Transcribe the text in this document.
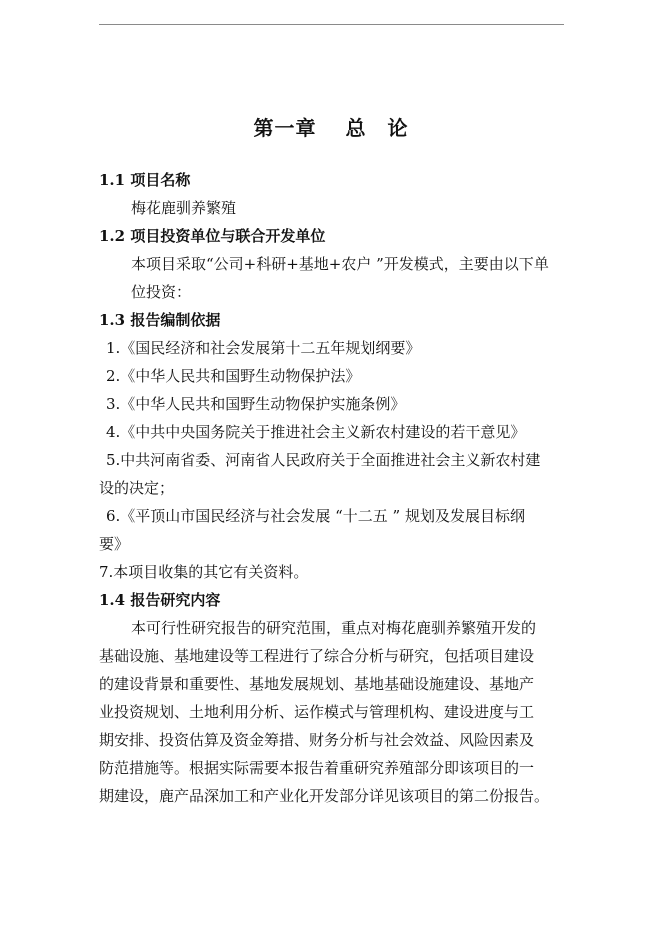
第一章　 总　论
1.1 项目名称
梅花鹿驯养繁殖
1.2 项目投资单位与联合开发单位
本项目采取“公司+科研+基地+农户 ”开发模式，主要由以下单
位投资：
1.3 报告编制依据
1.《国民经济和社会发展第十二五年规划纲要》
2.《中华人民共和国野生动物保护法》
3.《中华人民共和国野生动物保护实施条例》
4.《中共中央国务院关于推进社会主义新农村建设的若干意见》
5.中共河南省委、河南省人民政府关于全面推进社会主义新农村建
设的决定；
6.《平顶山市国民经济与社会发展 “十二五 ” 规划及发展目标纲
要》
7.本项目收集的其它有关资料。
1.4 报告研究内容
本可行性研究报告的研究范围，重点对梅花鹿驯养繁殖开发的
基础设施、基地建设等工程进行了综合分析与研究，包括项目建设
的建设背景和重要性、基地发展规划、基地基础设施建设、基地产
业投资规划、土地利用分析、运作模式与管理机构、建设进度与工
期安排、投资估算及资金筹措、财务分析与社会效益、风险因素及
防范措施等。根据实际需要本报告着重研究养殖部分即该项目的一
期建设，鹿产品深加工和产业化开发部分详见该项目的第二份报告。
